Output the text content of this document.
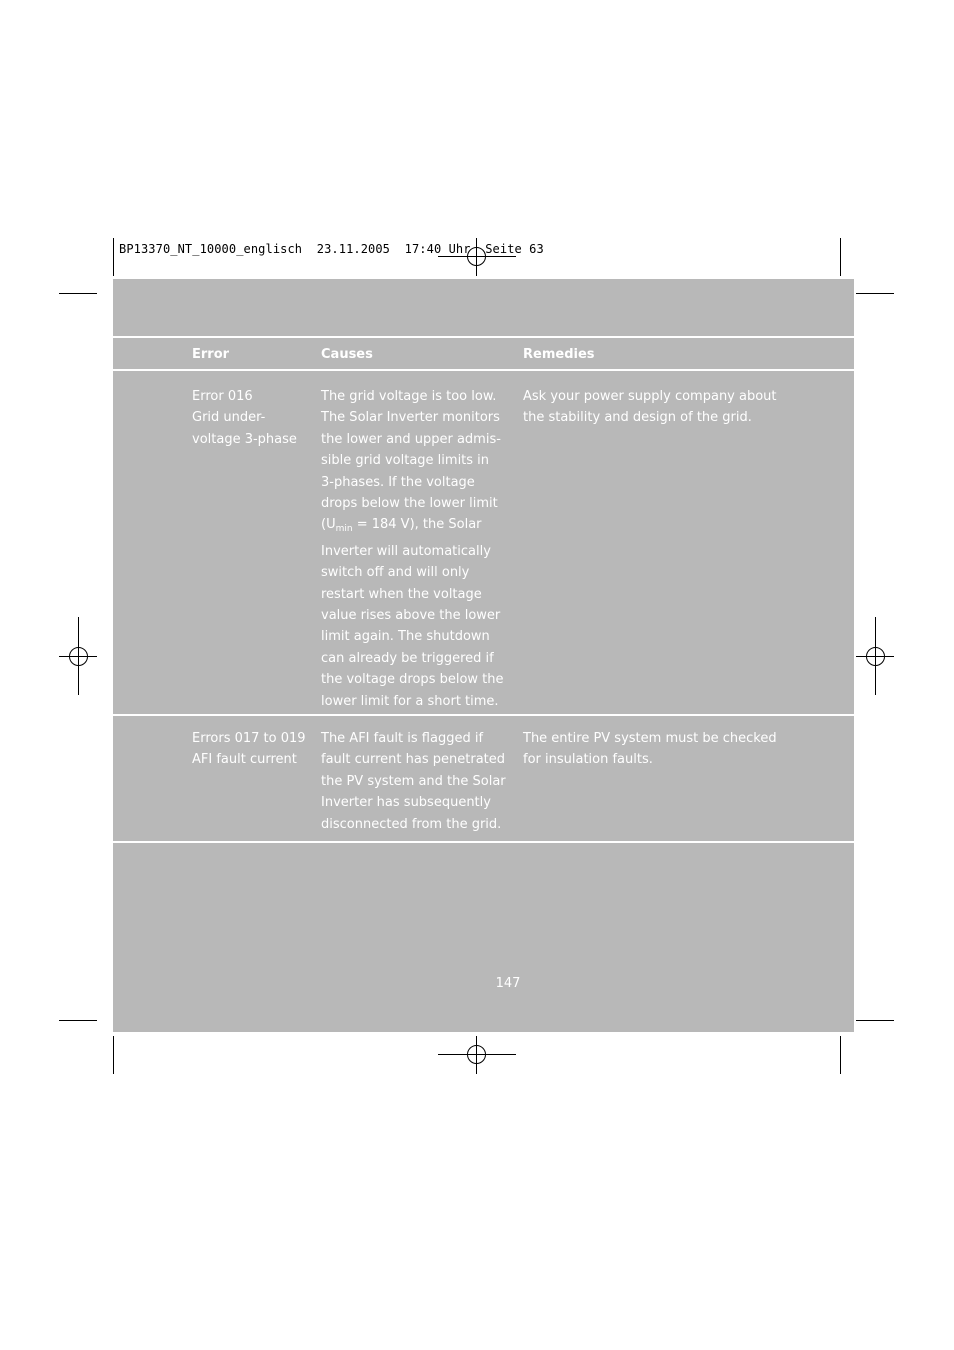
BP13370_NT_10000_englisch  23.11.2005  17:40 Uhr  Seite 63
Error	Causes	Remedies
Error 016
Grid under-
voltage 3-phase
The grid voltage is too low.
The Solar Inverter monitors
the lower and upper admis-
sible grid voltage limits in
3-phases. If the voltage
drops below the lower limit
($U_{min} = 184$ V), the Solar
Inverter will automatically
switch off and will only
restart when the voltage
value rises above the lower
limit again. The shutdown
can already be triggered if
the voltage drops below the
lower limit for a short time.
Ask your power supply company about
the stability and design of the grid.
Errors 017 to 019
AFI fault current
The AFI fault is flagged if
fault current has penetrated
the PV system and the Solar
Inverter has subsequently
disconnected from the grid.
The entire PV system must be checked
for insulation faults.
147
